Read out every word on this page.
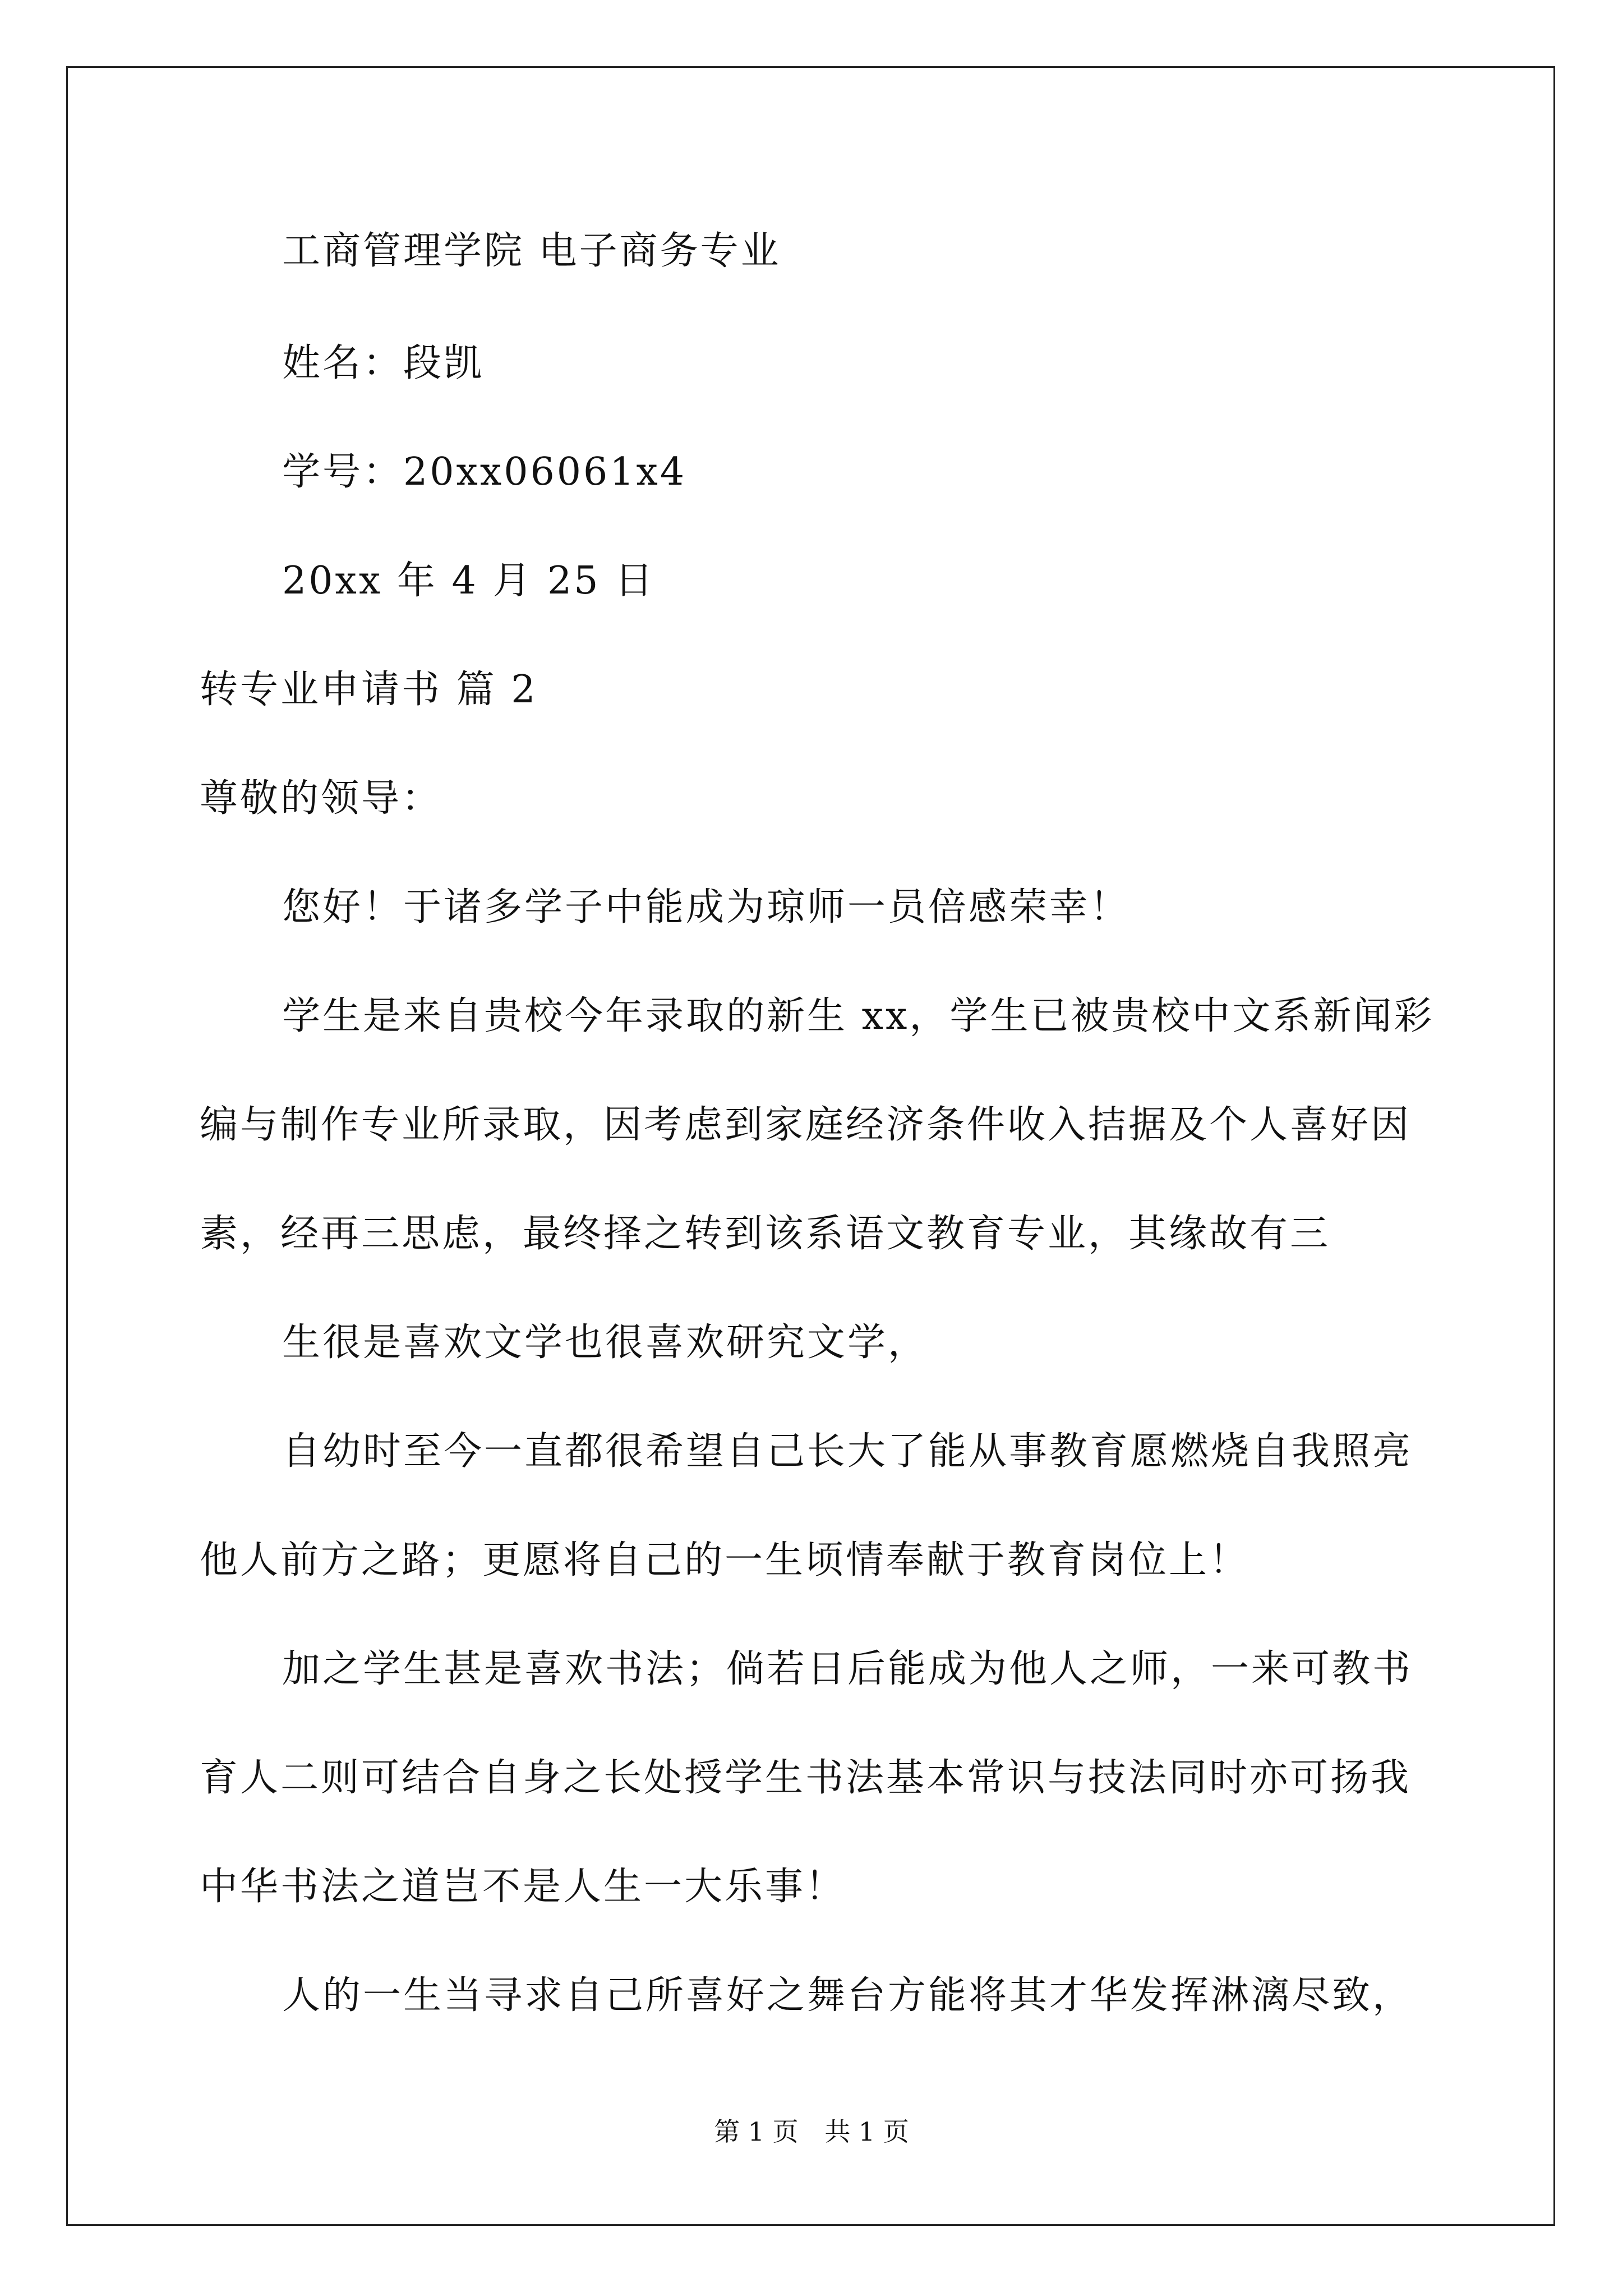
工商管理学院 电子商务专业
姓名：段凯
学号：20xx06061x4
20xx 年 4 月 25 日
转专业申请书 篇 2
尊敬的领导：
您好！于诸多学子中能成为琼师一员倍感荣幸！
学生是来自贵校今年录取的新生 xx，学生已被贵校中文系新闻彩
编与制作专业所录取，因考虑到家庭经济条件收入拮据及个人喜好因
素，经再三思虑，最终择之转到该系语文教育专业，其缘故有三
生很是喜欢文学也很喜欢研究文学，
自幼时至今一直都很希望自己长大了能从事教育愿燃烧自我照亮
他人前方之路；更愿将自己的一生顷情奉献于教育岗位上！
加之学生甚是喜欢书法；倘若日后能成为他人之师，一来可教书
育人二则可结合自身之长处授学生书法基本常识与技法同时亦可扬我
中华书法之道岂不是人生一大乐事！
人的一生当寻求自己所喜好之舞台方能将其才华发挥淋漓尽致，
第 1 页 共 1 页
